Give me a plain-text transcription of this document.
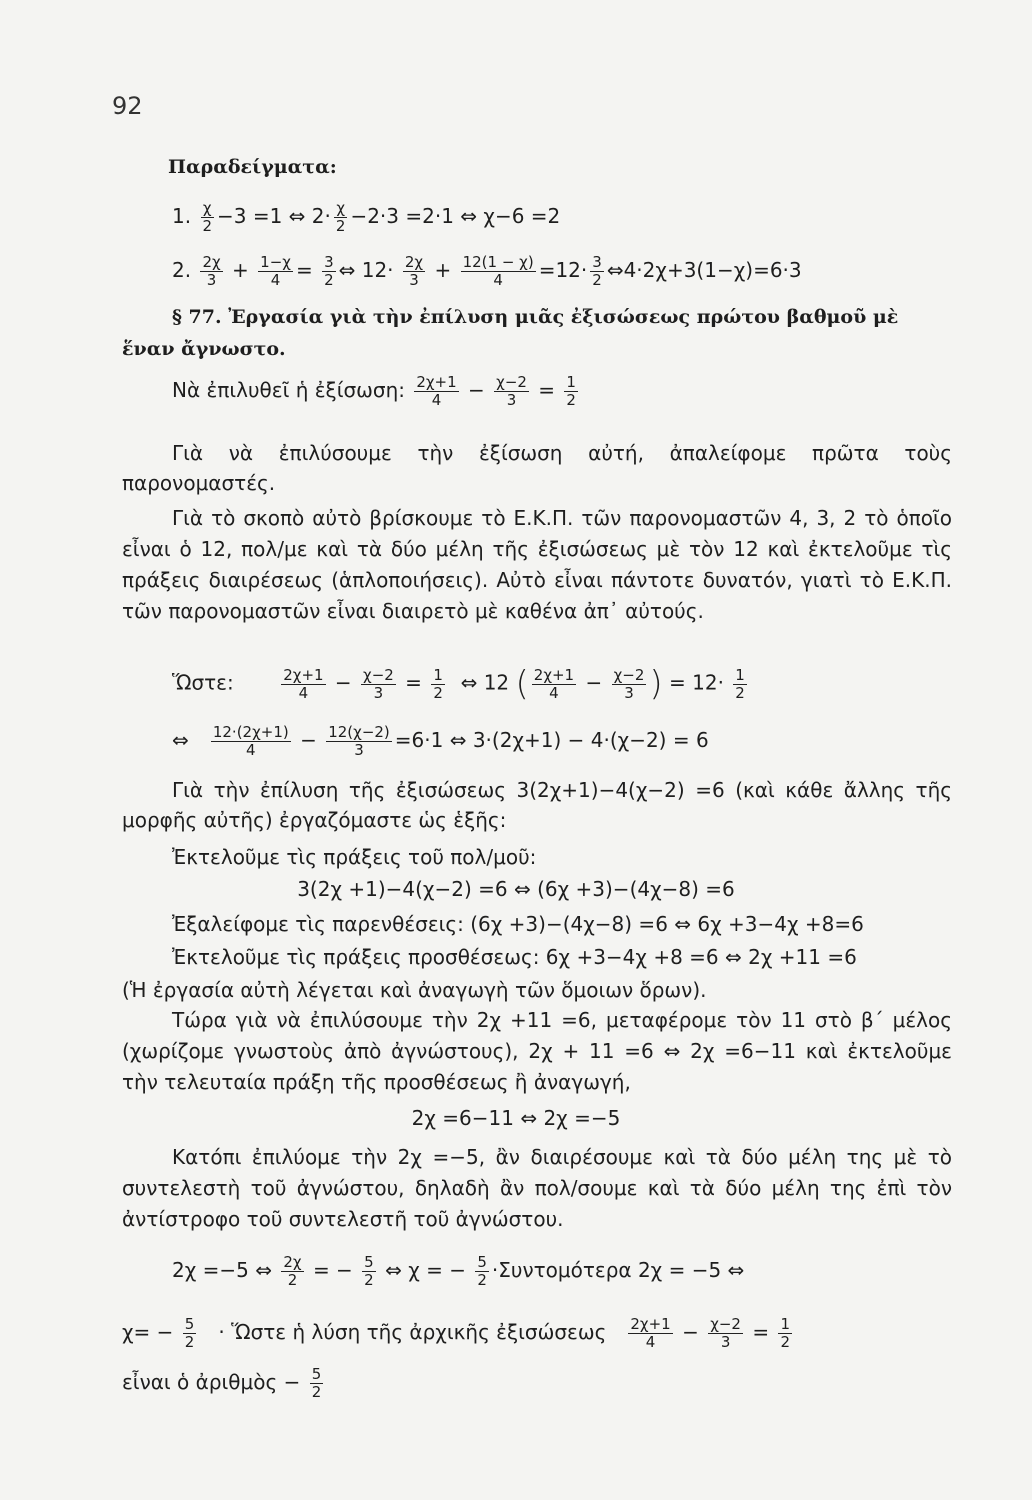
92
Παραδείγματα:
1. $\frac{\chi}{2} -3 =1$ ⇔ $2\cdot \frac{\chi}{2} -2\cdot 3 =2\cdot 1$ ⇔ χ−6 =2
2. $\frac{2\chi}{3} + \frac{1-\chi}{4} = \frac{3}{2}$ ⇔ $12\cdot \frac{2\chi}{3} + \frac{12(1 - \chi)}{4} =12\cdot \frac{3}{2}$ ⇔4·2χ+3(1−χ)=6·3
§ 77. Ἐργασία γιὰ τὴν ἐπίλυση μιᾶς ἐξισώσεως πρώτου βαθμοῦ μὲ
ἕναν ἄγνωστο.
Νὰ ἐπιλυθεῖ ἡ ἐξίσωση: $\frac{2\chi+1}{4} - \frac{\chi-2}{3} = \frac{1}{2}$
Γιὰ νὰ ἐπιλύσουμε τὴν ἐξίσωση αὐτή, ἀπαλείφομε πρῶτα τοὺς παρονομαστές.
Γιὰ τὸ σκοπὸ αὐτὸ βρίσκουμε τὸ Ε.Κ.Π. τῶν παρονομαστῶν 4, 3, 2 τὸ ὁποῖο εἶναι ὁ 12, πολ/με καὶ τὰ δύο μέλη τῆς ἐξισώσεως μὲ τὸν 12 καὶ ἐκτελοῦμε τὶς πράξεις διαιρέσεως (ἁπλοποιήσεις). Αὐτὸ εἶναι πάντοτε δυνατόν, γιατὶ τὸ Ε.Κ.Π. τῶν παρονομαστῶν εἶναι διαιρετὸ μὲ καθένα ἀπ᾿ αὐτούς.
Ὥστε:	$\frac{2\chi+1}{4} - \frac{\chi-2}{3} = \frac{1}{2}$ ⇔ 12 ( $\frac{2\chi+1}{4} - \frac{\chi-2}{3}$ ) = $12\cdot \frac{1}{2}$
⇔ $\frac{12\cdot(2\chi+1)}{4} - \frac{12(\chi-2)}{3} =6\cdot 1$ ⇔ 3·(2χ+1) − 4·(χ−2) = 6
Γιὰ τὴν ἐπίλυση τῆς ἐξισώσεως 3(2χ+1)−4(χ−2) =6 (καὶ κάθε ἄλλης τῆς μορφῆς αὐτῆς) ἐργαζόμαστε ὡς ἑξῆς:
Ἐκτελοῦμε τὶς πράξεις τοῦ πολ/μοῦ:
3(2χ +1)−4(χ−2) =6 ⇔ (6χ +3)−(4χ−8) =6
Ἐξαλείφομε τὶς παρενθέσεις: (6χ +3)−(4χ−8) =6 ⇔ 6χ +3−4χ +8=6
Ἐκτελοῦμε τὶς πράξεις προσθέσεως: 6χ +3−4χ +8 =6 ⇔ 2χ +11 =6
(Ἡ ἐργασία αὐτὴ λέγεται καὶ ἀναγωγὴ τῶν ὅμοιων ὅρων).
Τώρα γιὰ νὰ ἐπιλύσουμε τὴν 2χ +11 =6, μεταφέρομε τὸν 11 στὸ β΄ μέλος (χωρίζομε γνωστοὺς ἀπὸ ἀγνώστους), 2χ + 11 =6 ⇔ 2χ =6−11 καὶ ἐκτελοῦμε τὴν τελευταία πράξη τῆς προσθέσεως ἢ ἀναγωγή,
2χ =6−11 ⇔ 2χ =−5
Κατόπι ἐπιλύομε τὴν 2χ =−5, ἂν διαιρέσουμε καὶ τὰ δύο μέλη της μὲ τὸ συντελεστὴ τοῦ ἀγνώστου, δηλαδὴ ἂν πολ/σουμε καὶ τὰ δύο μέλη της ἐπὶ τὸν ἀντίστροφο τοῦ συντελεστῆ τοῦ ἀγνώστου.
2χ =−5 ⇔ $\frac{2\chi}{2}$ = − $\frac{5}{2}$ ⇔ χ = − $\frac{5}{2} \cdot\Sigma\upsilon\nu\tau o\mu ό\tau\varepsilon\rho\alpha$ 2χ = −5 ⇔
$\chi= - \frac{5}{2}$ · Ὥστε ἡ λύση τῆς ἀρχικῆς ἐξισώσεως $\frac{2\chi+1}{4} - \frac{\chi-2}{3} = \frac{1}{2}$
εἶναι ὁ ἀριθμὸς − $\frac{5}{2}$
